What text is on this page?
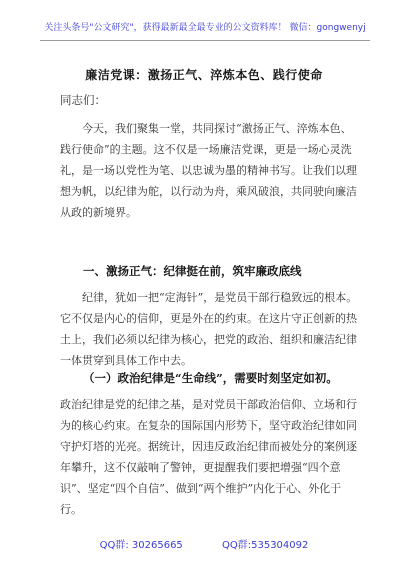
关注头条号"公文研究"，获得最新最全最专业的公文资料库！ 微信：gongwenyj
廉洁党课：激扬正气、淬炼本色、践行使命
同志们：

今天，我们聚集一堂，共同探讨“激扬正气、淬炼本色、践行使命”的主题。这不仅是一场廉洁党课，更是一场心灵洗礼，是一场以党性为笔、以忠诚为墨的精神书写。让我们以理想为帆，以纪律为舵，以行动为舟，乘风破浪，共同驶向廉洁从政的新境界。

一、激扬正气：纪律挺在前，筑牢廉政底线

纪律，犹如一把“定海针”，是党员干部行稳致远的根本。它不仅是内心的信仰，更是外在的约束。在这片守正创新的热土上，我们必须以纪律为核心，把党的政治、组织和廉洁纪律一体贯穿到具体工作中去。

（一）政治纪律是“生命线”，需要时刻坚定如初。

政治纪律是党的纪律之基，是对党员干部政治信仰、立场和行为的核心约束。在复杂的国际国内形势下，坚守政治纪律如同守护灯塔的光亮。据统计，因违反政治纪律而被处分的案例逐年攀升，这不仅敲响了警钟，更提醒我们要把增强“四个意识”、坚定“四个自信”、做到“两个维护”内化于心、外化于行。

QQ群: 30265665	QQ群:535304092
